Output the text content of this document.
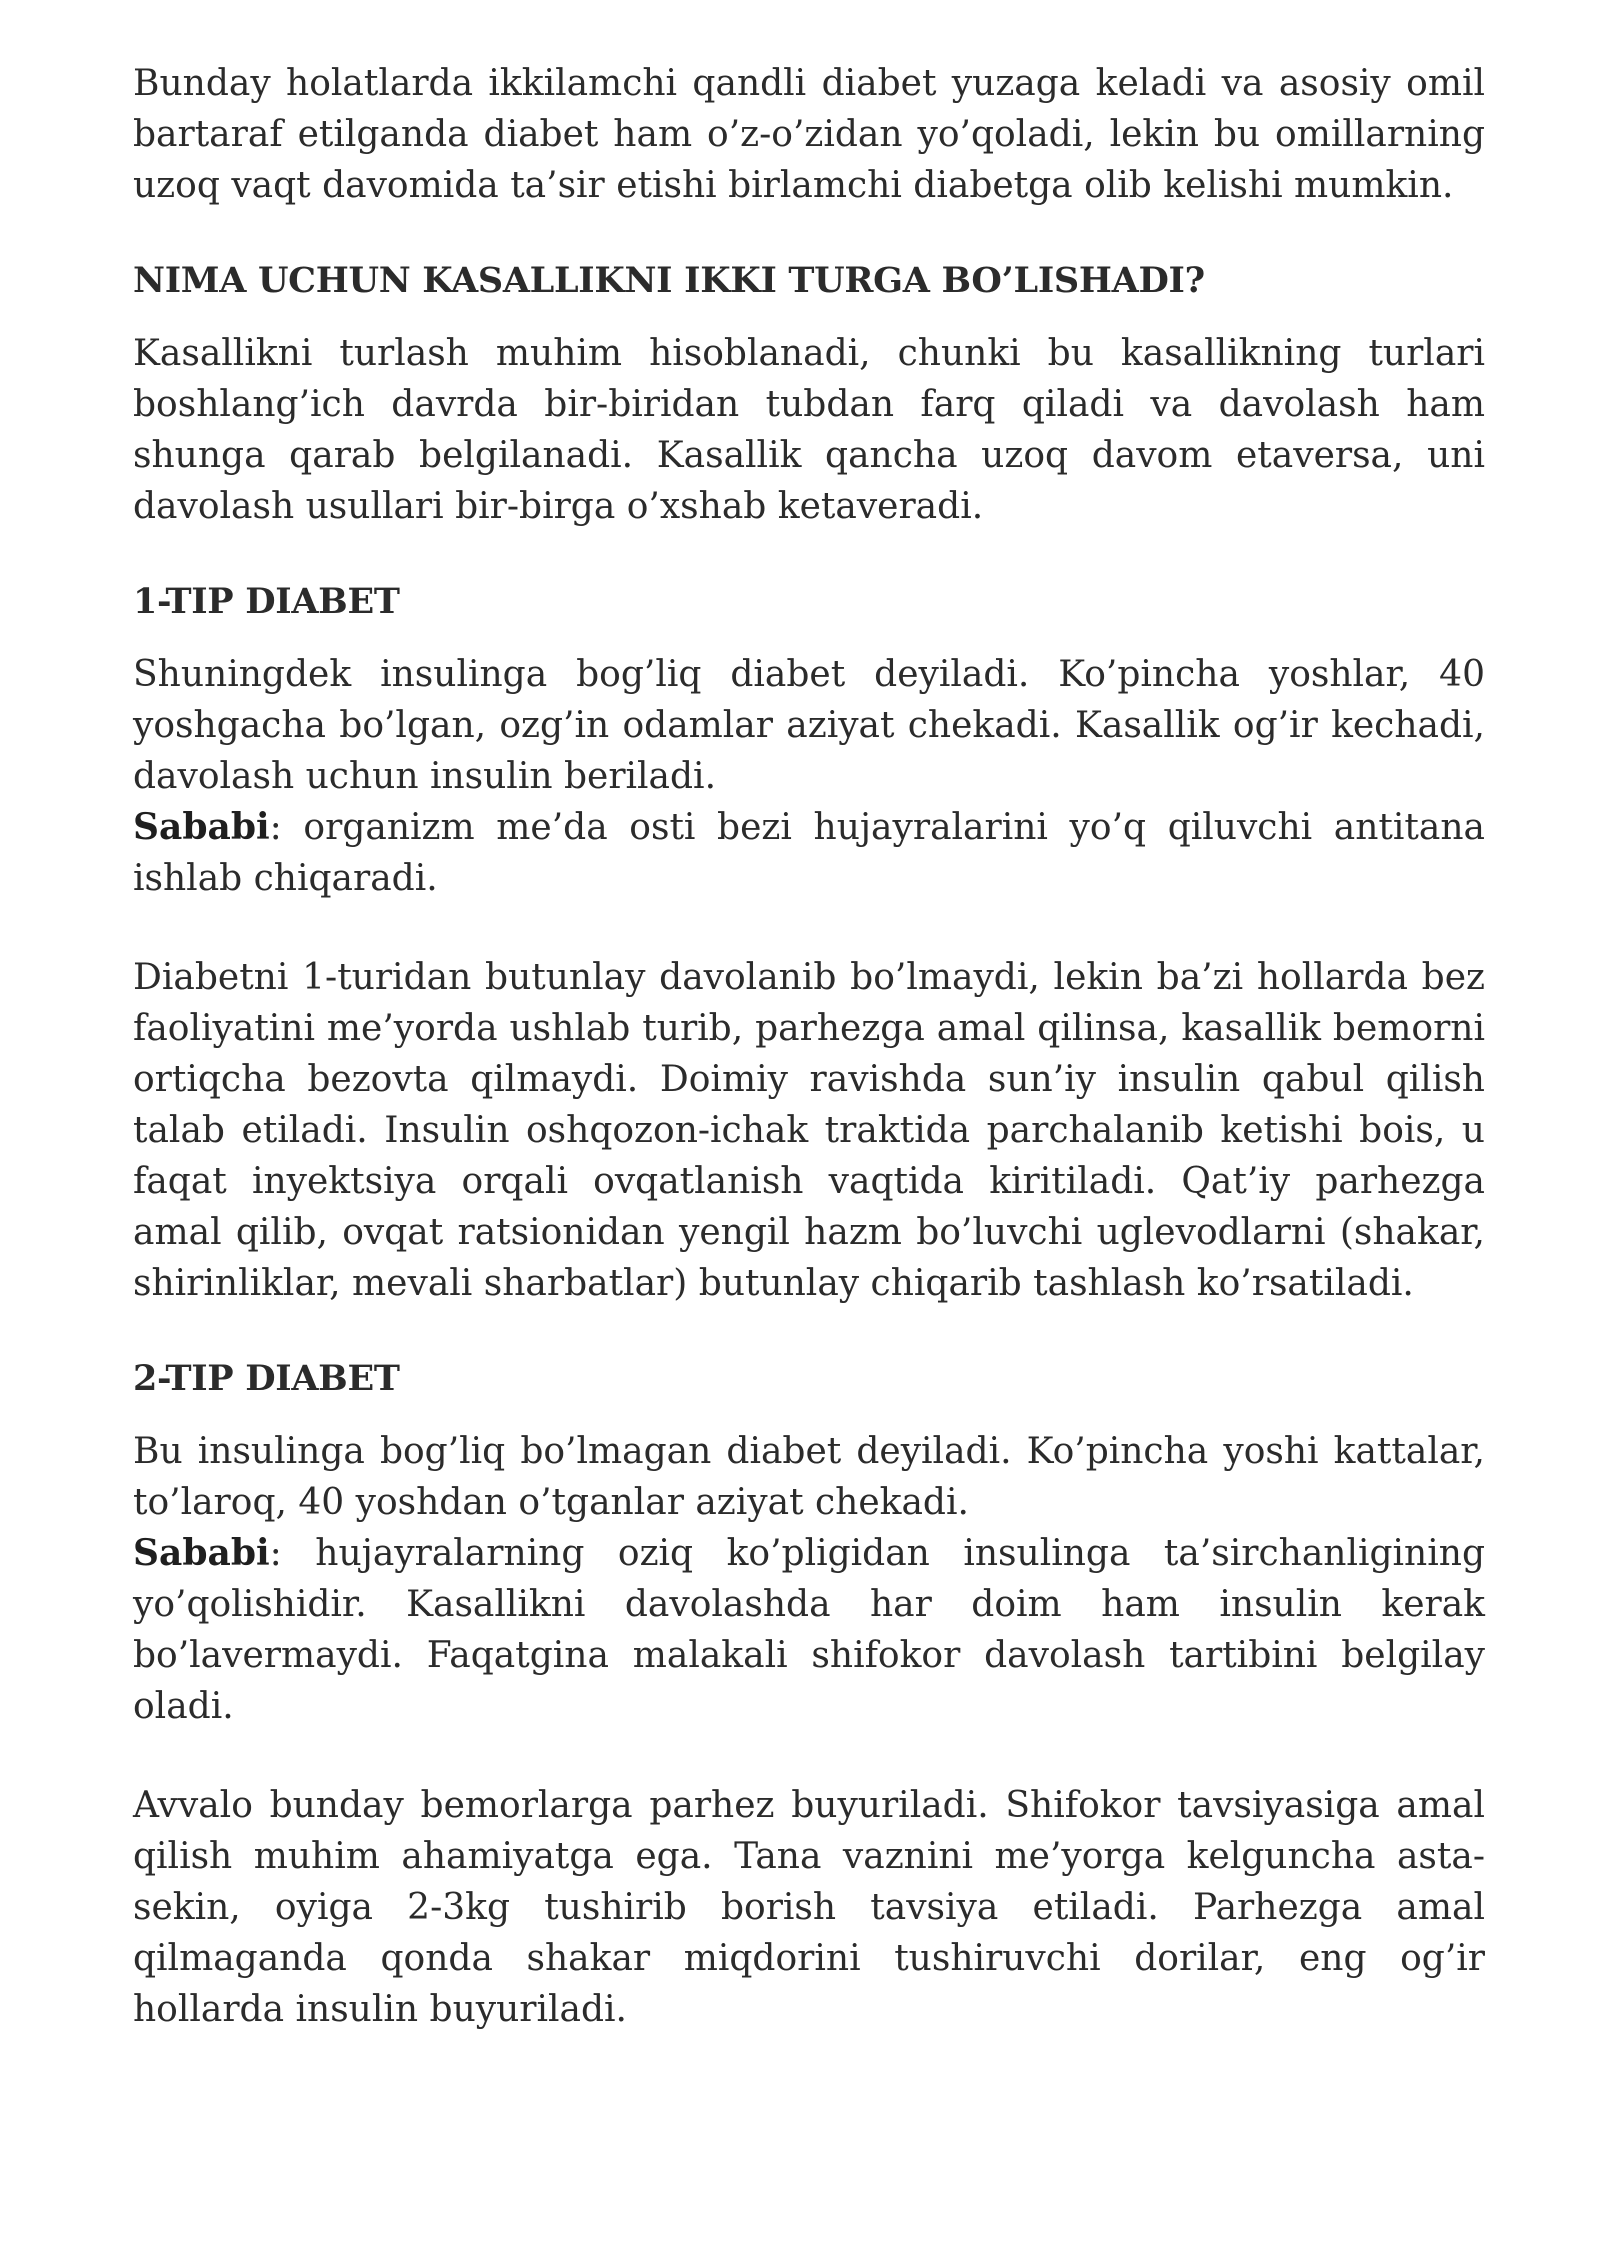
Bunday holatlarda ikkilamchi qandli diabet yuzaga keladi va asosiy omil bartaraf etilganda diabet ham o’z-o’zidan yo’qoladi, lekin bu omillarning uzoq vaqt davomida ta’sir etishi birlamchi diabetga olib kelishi mumkin.

NIMA UCHUN KASALLIKNI IKKI TURGA BO’LISHADI?

Kasallikni turlash muhim hisoblanadi, chunki bu kasallikning turlari boshlang’ich davrda bir-biridan tubdan farq qiladi va davolash ham shunga qarab belgilanadi. Kasallik qancha uzoq davom etaversa, uni davolash usullari bir-birga o’xshab ketaveradi.

1-TIP DIABET

Shuningdek insulinga bog’liq diabet deyiladi. Ko’pincha yoshlar, 40 yoshgacha bo’lgan, ozg’in odamlar aziyat chekadi. Kasallik og’ir kechadi, davolash uchun insulin beriladi.
Sababi: organizm me’da osti bezi hujayralarini yo’q qiluvchi antitana ishlab chiqaradi.

Diabetni 1-turidan butunlay davolanib bo’lmaydi, lekin ba’zi hollarda bez faoliyatini me’yorda ushlab turib, parhezga amal qilinsa, kasallik bemorni ortiqcha bezovta qilmaydi. Doimiy ravishda sun’iy insulin qabul qilish talab etiladi. Insulin oshqozon-ichak traktida parchalanib ketishi bois, u faqat inyektsiya orqali ovqatlanish vaqtida kiritiladi. Qat’iy parhezga amal qilib, ovqat ratsionidan yengil hazm bo’luvchi uglevodlarni (shakar, shirinliklar, mevali sharbatlar) butunlay chiqarib tashlash ko’rsatiladi.

2-TIP DIABET

Bu insulinga bog’liq bo’lmagan diabet deyiladi. Ko’pincha yoshi kattalar, to’laroq, 40 yoshdan o’tganlar aziyat chekadi.
Sababi: hujayralarning oziq ko’pligidan insulinga ta’sirchanligining yo’qolishidir. Kasallikni davolashda har doim ham insulin kerak bo’lavermaydi. Faqatgina malakali shifokor davolash tartibini belgilay oladi.

Avvalo bunday bemorlarga parhez buyuriladi. Shifokor tavsiyasiga amal qilish muhim ahamiyatga ega. Tana vaznini me’yorga kelguncha asta-sekin, oyiga 2-3kg tushirib borish tavsiya etiladi. Parhezga amal qilmaganda qonda shakar miqdorini tushiruvchi dorilar, eng og’ir hollarda insulin buyuriladi.
